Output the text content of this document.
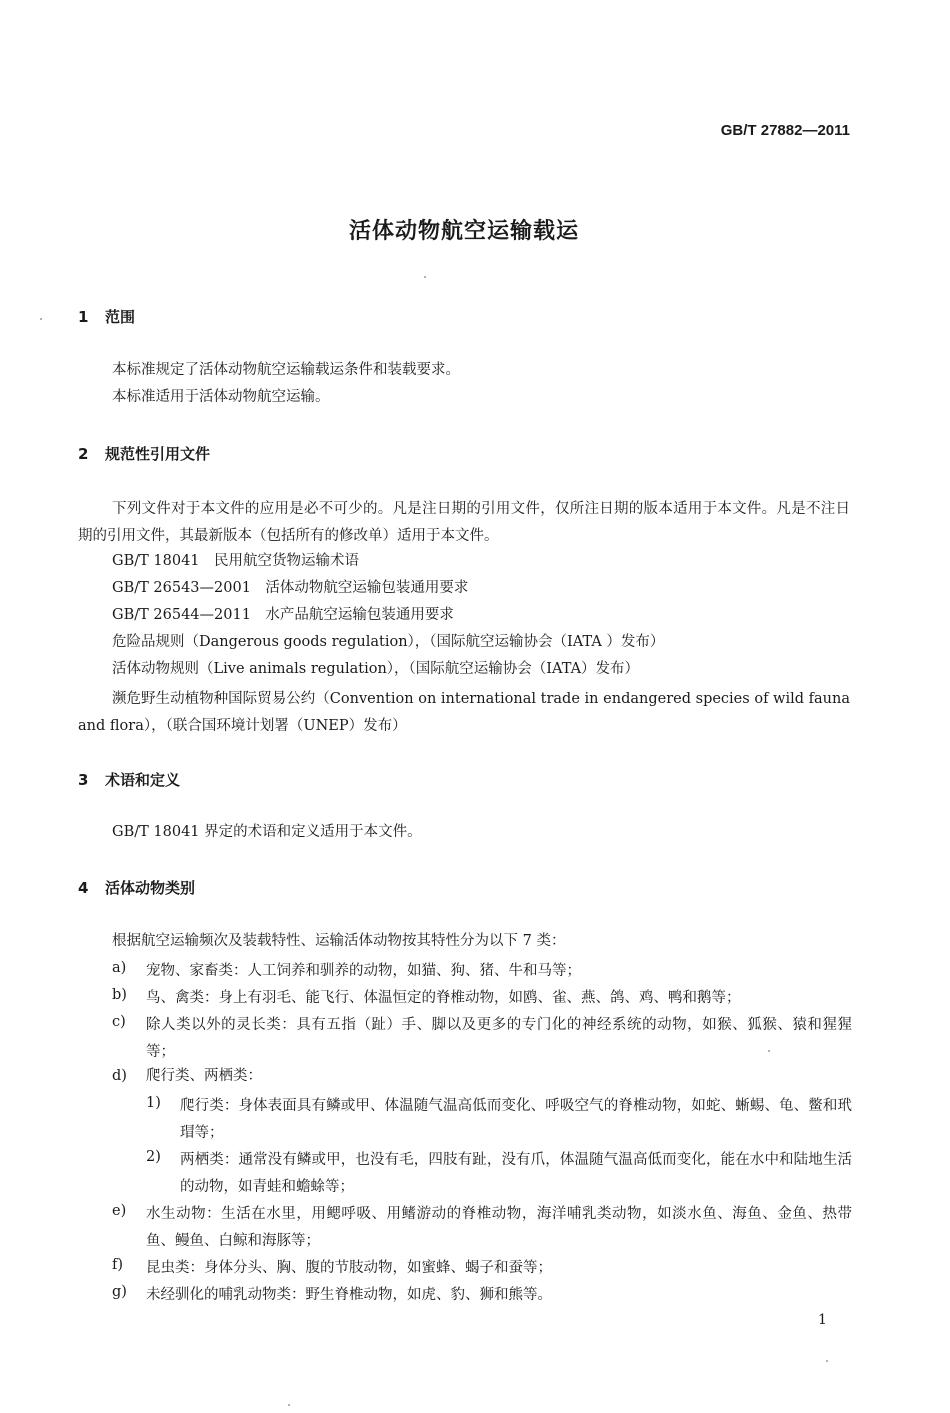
GB/T 27882—2011
活体动物航空运输载运
1 范围
本标准规定了活体动物航空运输载运条件和装载要求。
本标准适用于活体动物航空运输。
2 规范性引用文件
下列文件对于本文件的应用是必不可少的。凡是注日期的引用文件，仅所注日期的版本适用于本文件。凡是不注日期的引用文件，其最新版本（包括所有的修改单）适用于本文件。
GB/T 18041　民用航空货物运输术语
GB/T 26543—2001　活体动物航空运输包装通用要求
GB/T 26544—2011　水产品航空运输包装通用要求
危险品规则（Dangerous goods regulation），（国际航空运输协会（IATA ）发布）
活体动物规则（Live animals regulation），（国际航空运输协会（IATA）发布）
濒危野生动植物种国际贸易公约（Convention on international trade in endangered species of wild fauna and flora），（联合国环境计划署（UNEP）发布）
3 术语和定义
GB/T 18041 界定的术语和定义适用于本文件。
4 活体动物类别
根据航空运输频次及装载特性、运输活体动物按其特性分为以下 7 类：
a) 宠物、家畜类：人工饲养和驯养的动物，如猫、狗、猪、牛和马等；
b) 鸟、禽类：身上有羽毛、能飞行、体温恒定的脊椎动物，如鸥、雀、燕、鸽、鸡、鸭和鹅等；
c) 除人类以外的灵长类：具有五指（趾）手、脚以及更多的专门化的神经系统的动物，如猴、狐猴、猿和猩猩等；
d) 爬行类、两栖类：
1) 爬行类：身体表面具有鳞或甲、体温随气温高低而变化、呼吸空气的脊椎动物，如蛇、蜥蜴、龟、鳖和玳瑁等；
2) 两栖类：通常没有鳞或甲，也没有毛，四肢有趾，没有爪，体温随气温高低而变化，能在水中和陆地生活的动物，如青蛙和蟾蜍等；
e) 水生动物：生活在水里，用鳃呼吸、用鳍游动的脊椎动物，海洋哺乳类动物，如淡水鱼、海鱼、金鱼、热带鱼、鳗鱼、白鲸和海豚等；
f) 昆虫类：身体分头、胸、腹的节肢动物，如蜜蜂、蝎子和蚕等；
g) 未经驯化的哺乳动物类：野生脊椎动物，如虎、豹、狮和熊等。
1
